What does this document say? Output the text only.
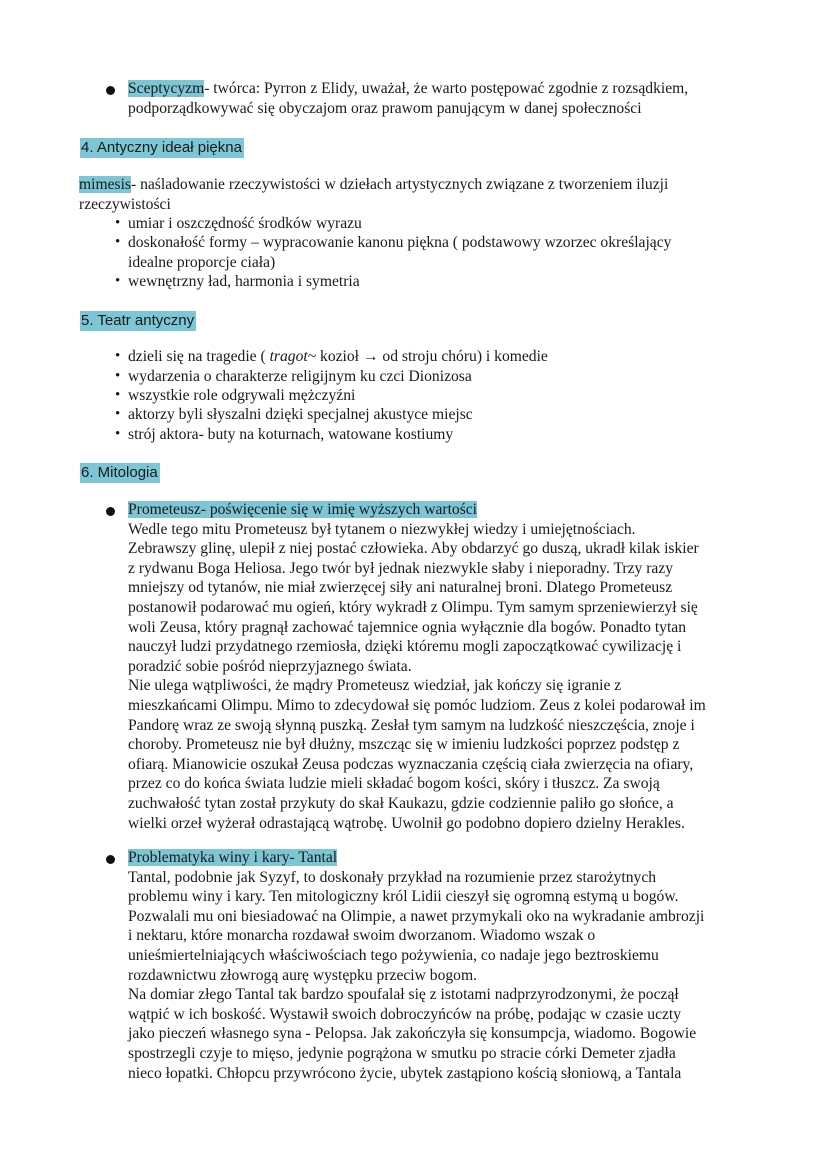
Sceptycyzm- twórca: Pyrron z Elidy, uważał, że warto postępować zgodnie z rozsądkiem,
podporządkowywać się obyczajom oraz prawom panującym w danej społeczności
4. Antyczny ideał piękna
mimesis- naśladowanie rzeczywistości w dziełach artystycznych związane z tworzeniem iluzji
rzeczywistości
• umiar i oszczędność środków wyrazu
• doskonałość formy – wypracowanie kanonu piękna ( podstawowy wzorzec określający
idealne proporcje ciała)
• wewnętrzny ład, harmonia i symetria
5. Teatr antyczny
• dzieli się na tragedie ( tragot~ kozioł → od stroju chóru) i komedie
• wydarzenia o charakterze religijnym ku czci Dionizosa
• wszystkie role odgrywali mężczyźni
• aktorzy byli słyszalni dzięki specjalnej akustyce miejsc
• strój aktora- buty na koturnach, watowane kostiumy
6. Mitologia
Prometeusz- poświęcenie się w imię wyższych wartości
Wedle tego mitu Prometeusz był tytanem o niezwykłej wiedzy i umiejętnościach.
Zebrawszy glinę, ulepił z niej postać człowieka. Aby obdarzyć go duszą, ukradł kilak iskier
z rydwanu Boga Heliosa. Jego twór był jednak niezwykle słaby i nieporadny. Trzy razy
mniejszy od tytanów, nie miał zwierzęcej siły ani naturalnej broni. Dlatego Prometeusz
postanowił podarować mu ogień, który wykradł z Olimpu. Tym samym sprzeniewierzył się
woli Zeusa, który pragnął zachować tajemnice ognia wyłącznie dla bogów. Ponadto tytan
nauczył ludzi przydatnego rzemiosła, dzięki któremu mogli zapoczątkować cywilizację i
poradzić sobie pośród nieprzyjaznego świata.
Nie ulega wątpliwości, że mądry Prometeusz wiedział, jak kończy się igranie z
mieszkańcami Olimpu. Mimo to zdecydował się pomóc ludziom. Zeus z kolei podarował im
Pandorę wraz ze swoją słynną puszką. Zesłał tym samym na ludzkość nieszczęścia, znoje i
choroby. Prometeusz nie był dłużny, mszcząc się w imieniu ludzkości poprzez podstęp z
ofiarą. Mianowicie oszukał Zeusa podczas wyznaczania częścią ciała zwierzęcia na ofiary,
przez co do końca świata ludzie mieli składać bogom kości, skóry i tłuszcz. Za swoją
zuchwałość tytan został przykuty do skał Kaukazu, gdzie codziennie paliło go słońce, a
wielki orzeł wyżerał odrastającą wątrobę. Uwolnił go podobno dopiero dzielny Herakles.
Problematyka winy i kary- Tantal
Tantal, podobnie jak Syzyf, to doskonały przykład na rozumienie przez starożytnych
problemu winy i kary. Ten mitologiczny król Lidii cieszył się ogromną estymą u bogów.
Pozwalali mu oni biesiadować na Olimpie, a nawet przymykali oko na wykradanie ambrozji
i nektaru, które monarcha rozdawał swoim dworzanom. Wiadomo wszak o
unieśmiertelniających właściwościach tego pożywienia, co nadaje jego beztroskiemu
rozdawnictwu złowrogą aurę występku przeciw bogom.
Na domiar złego Tantal tak bardzo spoufalał się z istotami nadprzyrodzonymi, że począł
wątpić w ich boskość. Wystawił swoich dobroczyńców na próbę, podając w czasie uczty
jako pieczeń własnego syna - Pelopsa. Jak zakończyła się konsumpcja, wiadomo. Bogowie
spostrzegli czyje to mięso, jedynie pogrążona w smutku po stracie córki Demeter zjadła
nieco łopatki. Chłopcu przywrócono życie, ubytek zastąpiono kością słoniową, a Tantala
